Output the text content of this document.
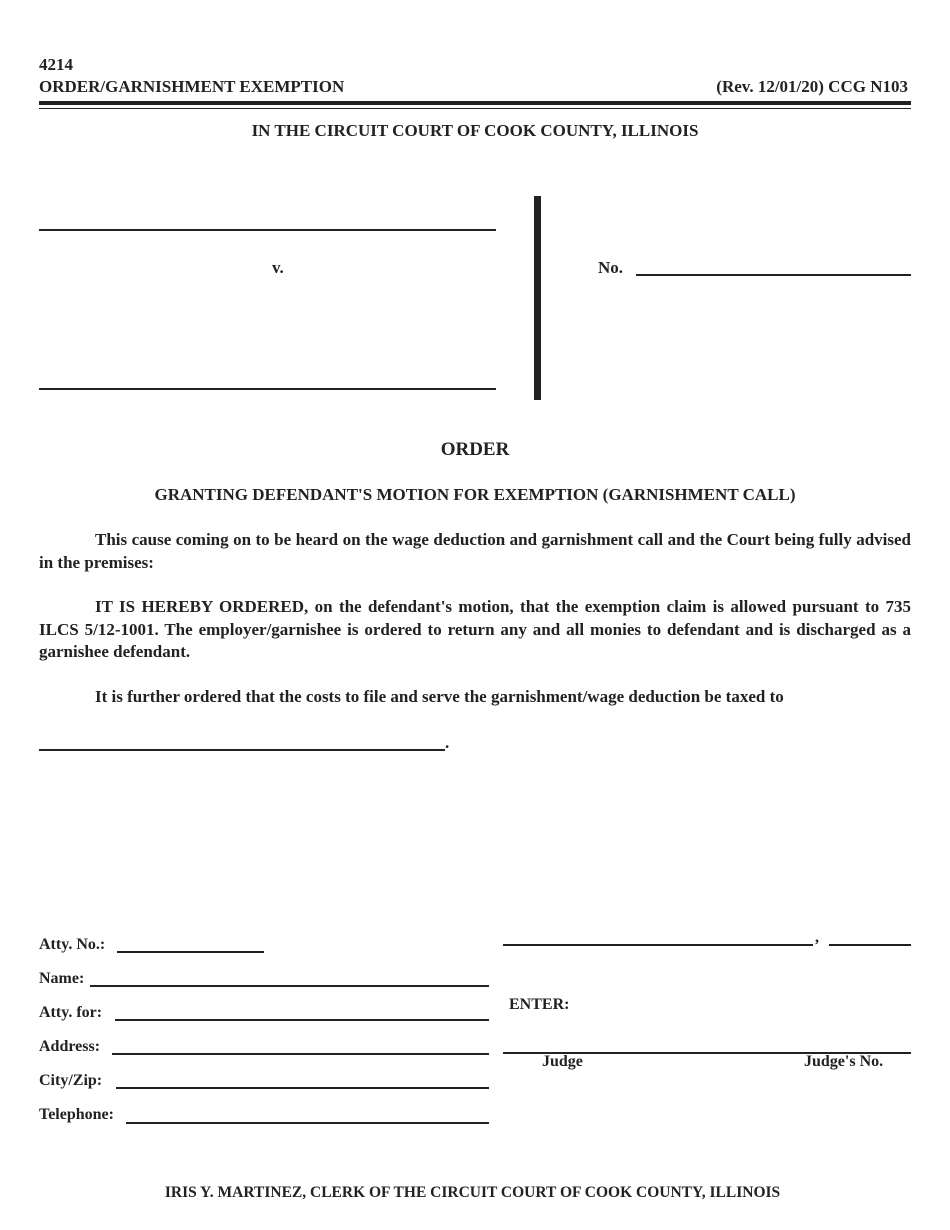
4214
ORDER/GARNISHMENT EXEMPTION	(Rev. 12/01/20) CCG N103
IN THE CIRCUIT COURT OF COOK COUNTY, ILLINOIS
v.	No.
ORDER
GRANTING DEFENDANT'S MOTION FOR EXEMPTION (GARNISHMENT CALL)
This cause coming on to be heard on the wage deduction and garnishment call and the Court being fully advised in the premises:
IT IS HEREBY ORDERED, on the defendant's motion, that the exemption claim is allowed pursuant to 735 ILCS 5/12-1001. The employer/garnishee is ordered to return any and all monies to defendant and is discharged as a garnishee defendant.
It is further ordered that the costs to file and serve the garnishment/wage deduction be taxed to
.
Atty. No.:
Name:
Atty. for:
Address:
City/Zip:
Telephone:
,
ENTER:
Judge	Judge's No.
IRIS Y. MARTINEZ, CLERK OF THE CIRCUIT COURT OF COOK COUNTY, ILLINOIS
